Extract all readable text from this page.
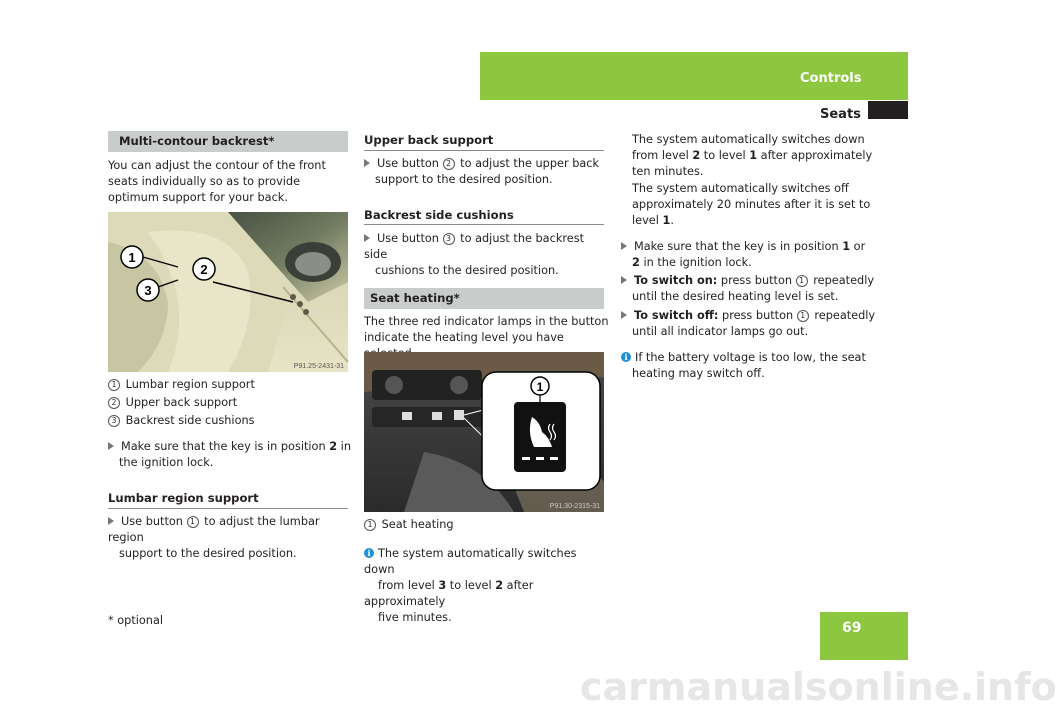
Controls
Seats
Multi-contour backrest*
You can adjust the contour of the front seats individually so as to provide optimum support for your back.
1
2
3
P91.25-2431-31
1 Lumbar region support
2 Upper back support
3 Backrest side cushions
Make sure that the key is in position 2 in
the ignition lock.
Lumbar region support
Use button 1 to adjust the lumbar region
support to the desired position.
Upper back support
Use button 2 to adjust the upper back
support to the desired position.
Backrest side cushions
Use button 3 to adjust the backrest side
cushions to the desired position.
Seat heating*
The three red indicator lamps in the button
indicate the heating level you have
1
P91.30-2315-31
1 Seat heating
i The system automatically switches down
from level 3 to level 2 after approximately
five minutes.
The system automatically switches down
from level 2 to level 1 after approximately
ten minutes.
The system automatically switches off
approximately 20 minutes after it is set to
level 1.
Make sure that the key is in position 1 or
2 in the ignition lock.
To switch on: press button 1 repeatedly
until the desired heating level is set.
To switch off: press button 1 repeatedly
until all indicator lamps go out.
i If the battery voltage is too low, the seat
heating may switch off.
* optional	69
carmanualsonline.info
